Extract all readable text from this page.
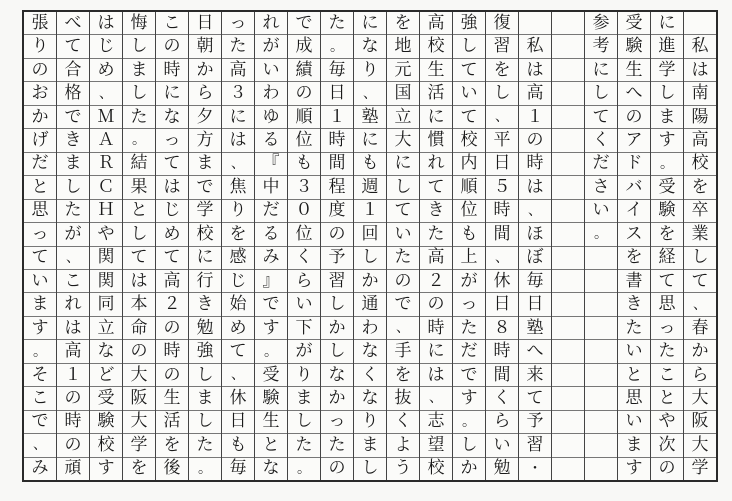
私
は
南
陽
高
校
を
卒
業
し
て
、
春
か
ら
大
阪
大
学
に
進
学
し
ま
す
。
受
験
を
経
て
思
っ
た
こ
と
や
次
の
受
験
生
へ
の
ア
ド
バ
イ
ス
を
書
き
た
い
と
思
い
ま
す
参
考
に
し
て
く
だ
さ
い
。

私
は
高
１
の
時
は
、
ほ
ぼ
毎
日
塾
へ
来
て
予
習
・
復
習
を
し
、
平
日
５
時
間
、
休
日
８
時
間
く
ら
い
勉
強
し
て
い
て
校
内
順
位
も
上
が
っ
た
だ
で
す
。
し
か
高
校
生
活
に
慣
れ
て
き
た
高
２
の
時
に
は
、
志
望
校
を
地
元
国
立
大
に
し
て
い
た
の
で
、
手
を
抜
く
よ
う
に
な
り
、
塾
に
も
週
１
回
し
か
通
わ
な
く
な
り
ま
し
た
。
毎
日
１
時
間
程
度
の
予
習
し
か
し
な
か
っ
た
の
で
成
績
の
順
位
も
３
０
位
く
ら
い
下
が
り
ま
し
た
。
れ
が
い
わ
ゆ
る
『
中
だ
る
み
』
で
す
。
受
験
生
と
な
っ
た
高
３
に
は
、
焦
り
を
感
じ
始
め
て
、
休
日
も
毎
日
朝
か
ら
夕
方
ま
で
学
校
に
行
き
勉
強
し
ま
し
た
。
こ
の
時
に
な
っ
て
は
じ
め
て
高
２
の
時
の
生
活
を
後
悔
し
ま
し
た
。
結
果
と
し
て
は
本
命
の
大
阪
大
学
を
は
じ
め
、
Ｍ
Ａ
Ｒ
Ｃ
Ｈ
や
関
関
同
立
な
ど
受
験
校
す
べ
て
合
格
で
き
ま
し
た
が
、
こ
れ
は
高
１
の
時
の
頑
張
り
の
お
か
げ
だ
と
思
っ
て
い
ま
す
。
そ
こ
で
、
み
